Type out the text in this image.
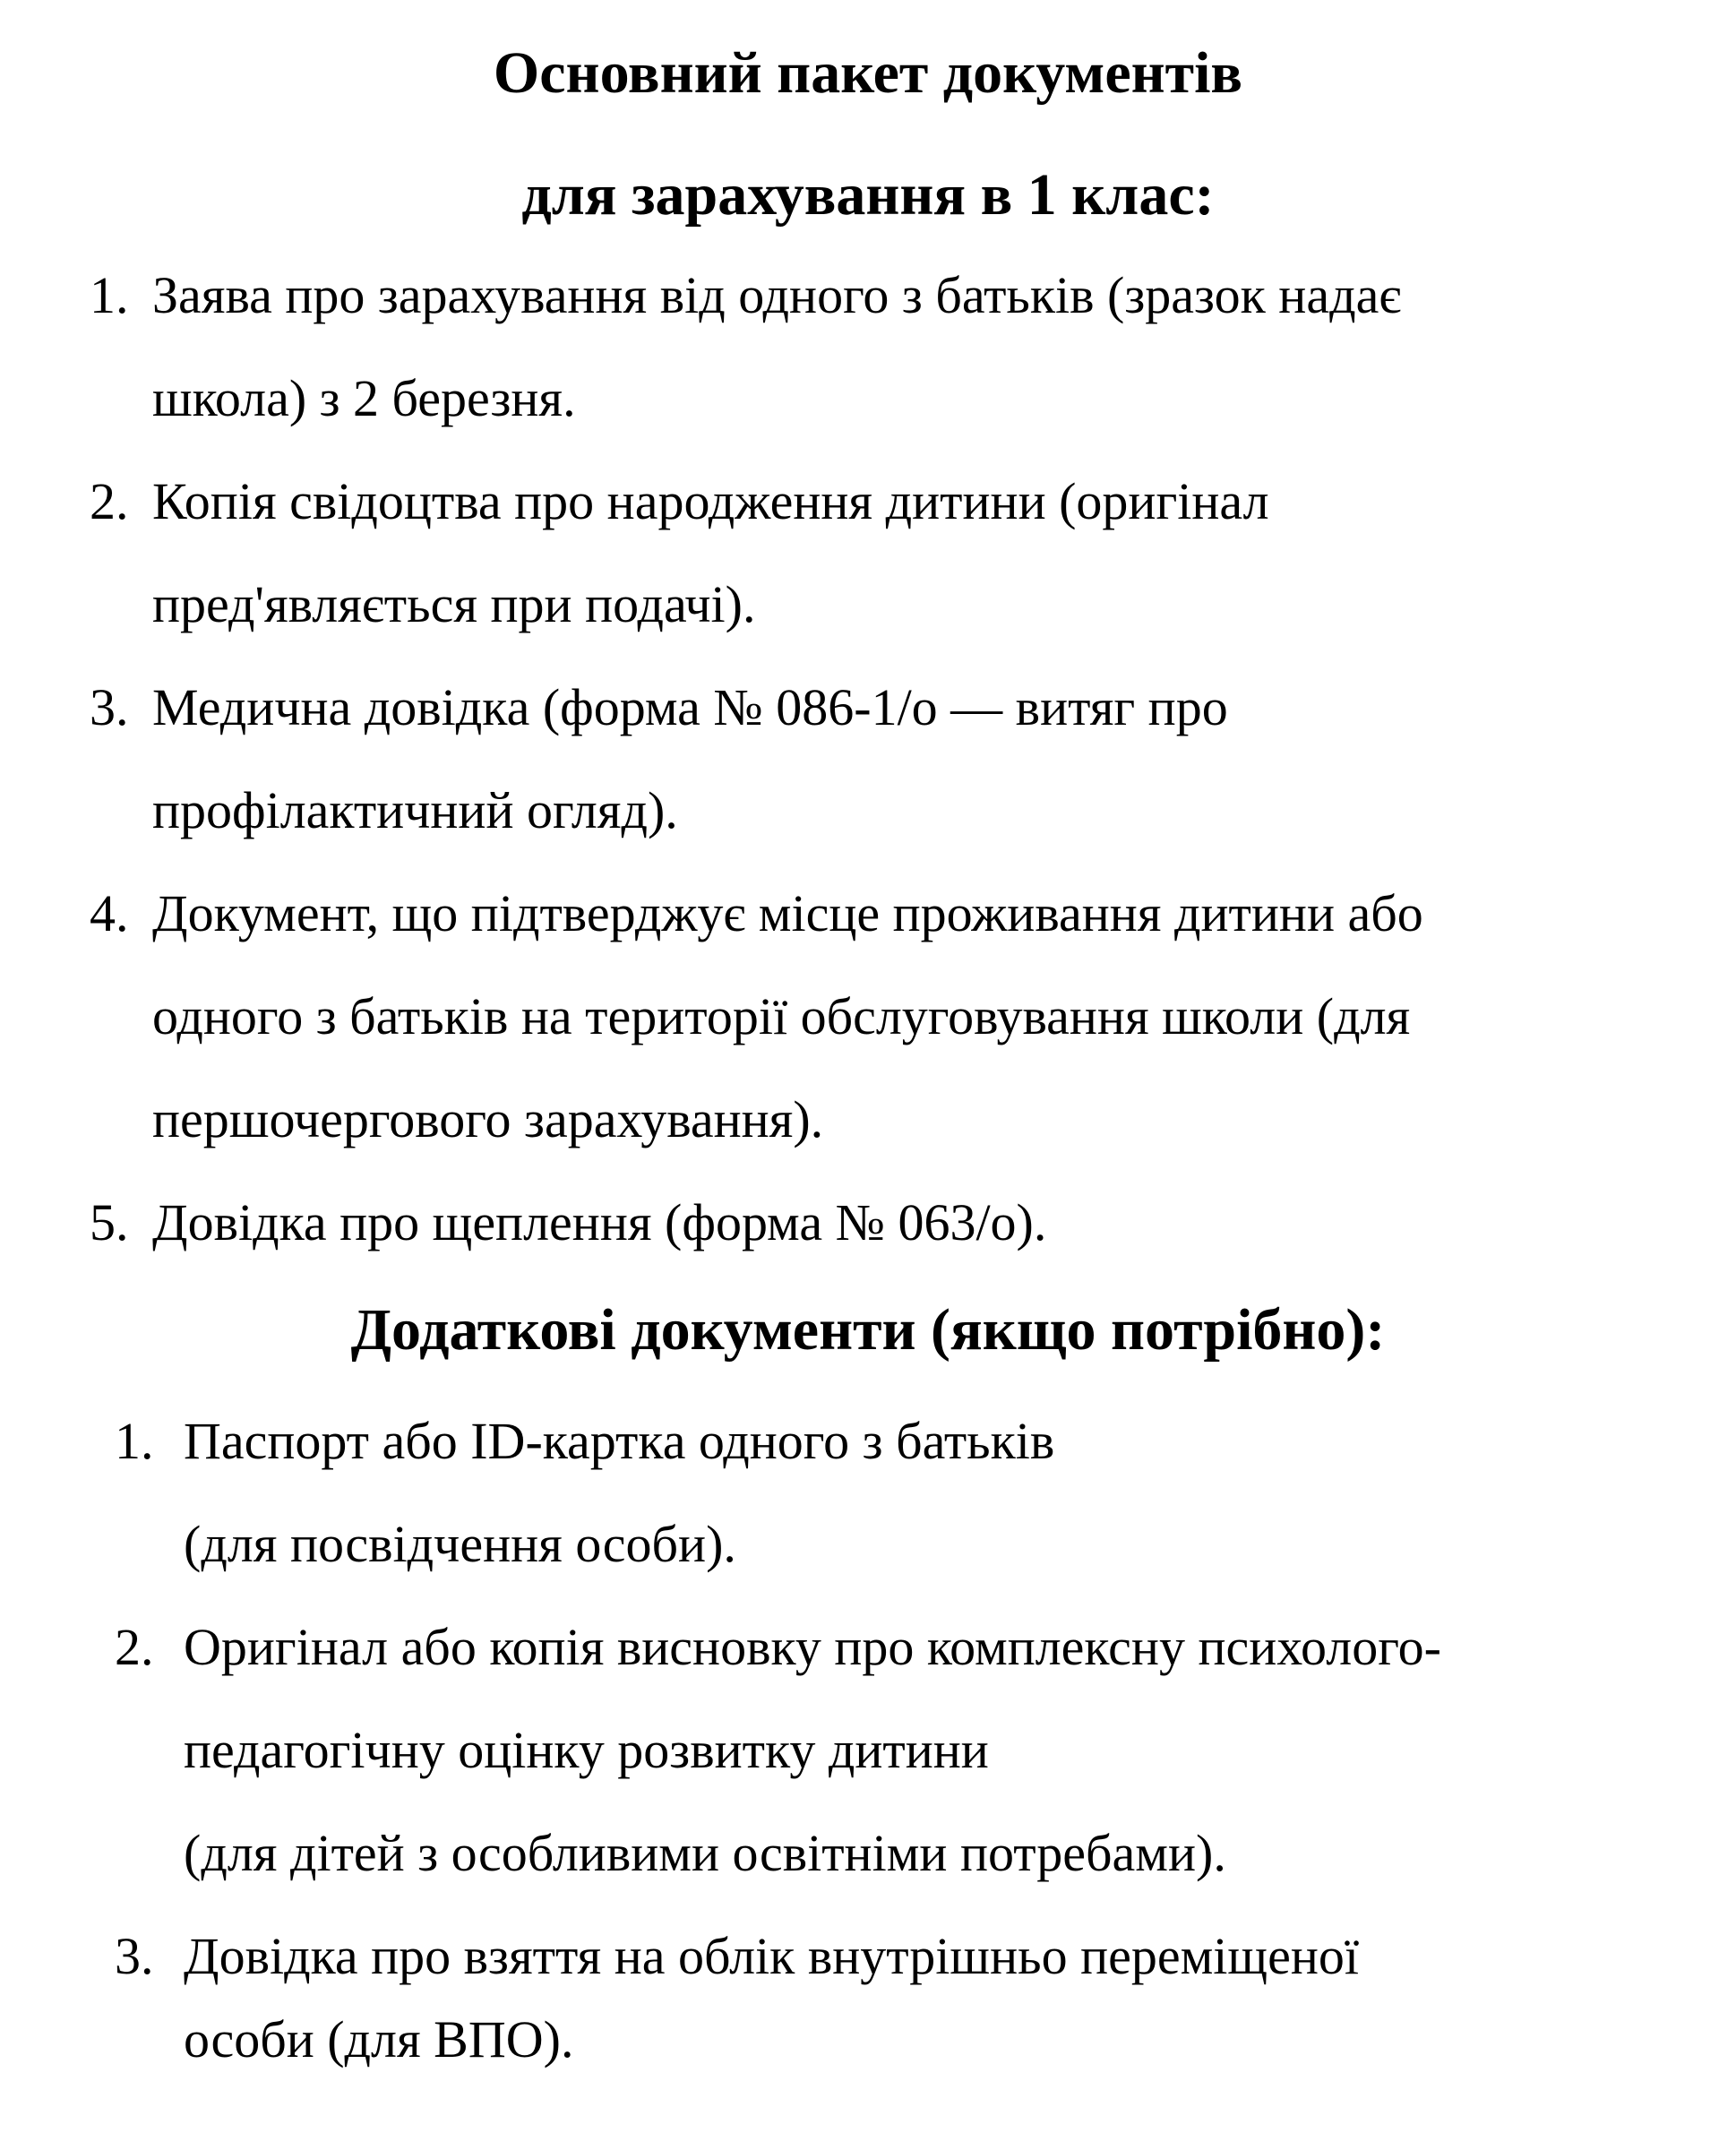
Основний пакет документів
для зарахування в 1 клас:
1. Заява про зарахування від одного з батьків (зразок надає
школа) з 2 березня.
2. Копія свідоцтва про народження дитини (оригінал
пред'являється при подачі).
3. Медична довідка (форма № 086-1/о — витяг про
профілактичний огляд).
4. Документ, що підтверджує місце проживання дитини або
одного з батьків на території обслуговування школи (для
першочергового зарахування).
5. Довідка про щеплення (форма № 063/о).
Додаткові документи (якщо потрібно):
1. Паспорт або ID-картка одного з батьків
(для посвідчення особи).
2. Оригінал або копія висновку про комплексну психолого-
педагогічну оцінку розвитку дитини
(для дітей з особливими освітніми потребами).
3. Довідка про взяття на облік внутрішньо переміщеної
особи (для ВПО).
